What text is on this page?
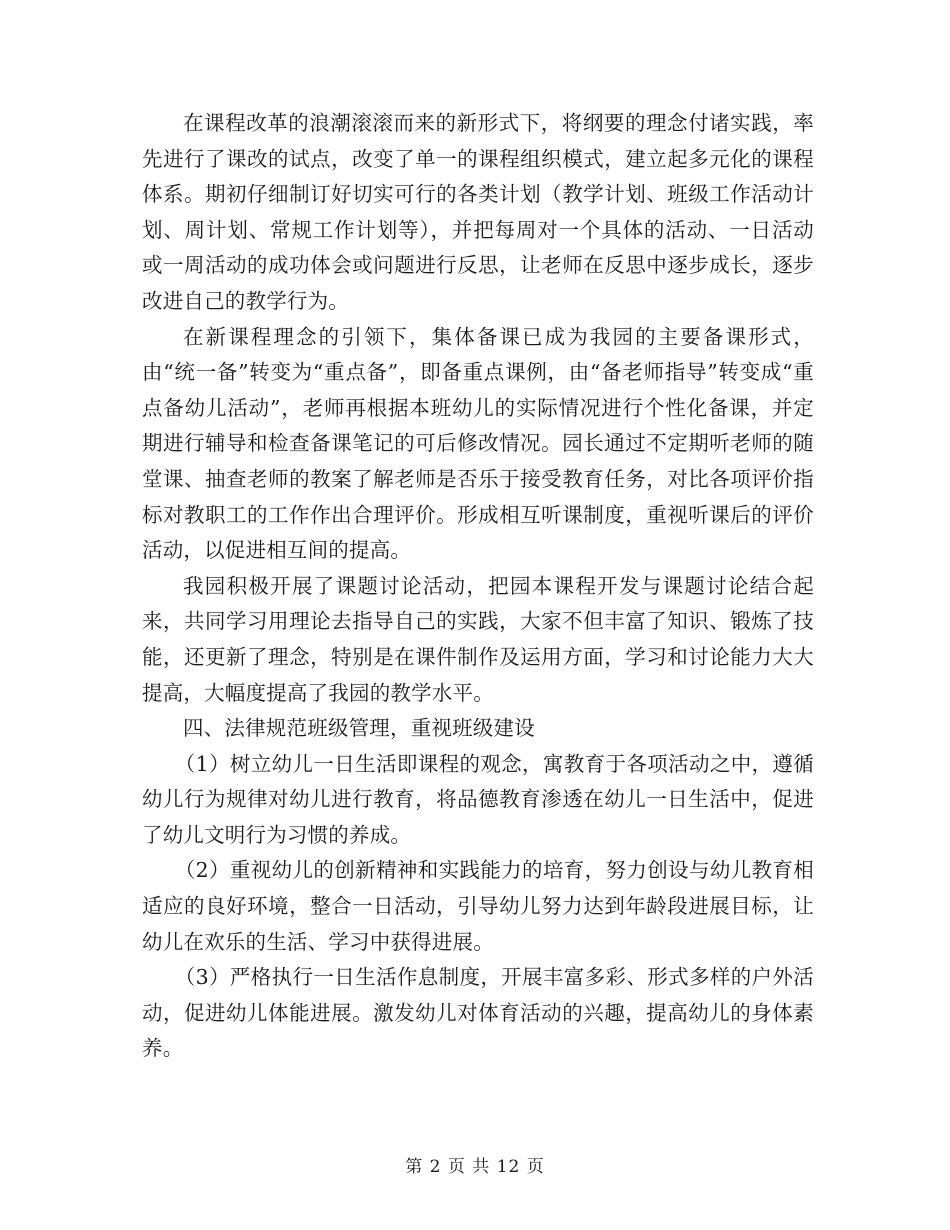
在课程改革的浪潮滚滚而来的新形式下，将纲要的理念付诸实践，率先进行了课改的试点，改变了单一的课程组织模式，建立起多元化的课程体系。期初仔细制订好切实可行的各类计划（教学计划、班级工作活动计划、周计划、常规工作计划等），并把每周对一个具体的活动、一日活动或一周活动的成功体会或问题进行反思，让老师在反思中逐步成长，逐步改进自己的教学行为。

在新课程理念的引领下，集体备课已成为我园的主要备课形式，由“统一备”转变为“重点备”，即备重点课例，由“备老师指导”转变成“重点备幼儿活动”，老师再根据本班幼儿的实际情况进行个性化备课，并定期进行辅导和检查备课笔记的可后修改情况。园长通过不定期听老师的随堂课、抽查老师的教案了解老师是否乐于接受教育任务，对比各项评价指标对教职工的工作作出合理评价。形成相互听课制度，重视听课后的评价活动，以促进相互间的提高。

我园积极开展了课题讨论活动，把园本课程开发与课题讨论结合起来，共同学习用理论去指导自己的实践，大家不但丰富了知识、锻炼了技能，还更新了理念，特别是在课件制作及运用方面，学习和讨论能力大大提高，大幅度提高了我园的教学水平。

四、法律规范班级管理，重视班级建设

（1）树立幼儿一日生活即课程的观念，寓教育于各项活动之中，遵循幼儿行为规律对幼儿进行教育，将品德教育渗透在幼儿一日生活中，促进了幼儿文明行为习惯的养成。

（2）重视幼儿的创新精神和实践能力的培育，努力创设与幼儿教育相适应的良好环境，整合一日活动，引导幼儿努力达到年龄段进展目标，让幼儿在欢乐的生活、学习中获得进展。

（3）严格执行一日生活作息制度，开展丰富多彩、形式多样的户外活动，促进幼儿体能进展。激发幼儿对体育活动的兴趣，提高幼儿的身体素养。

第 2 页 共 12 页
